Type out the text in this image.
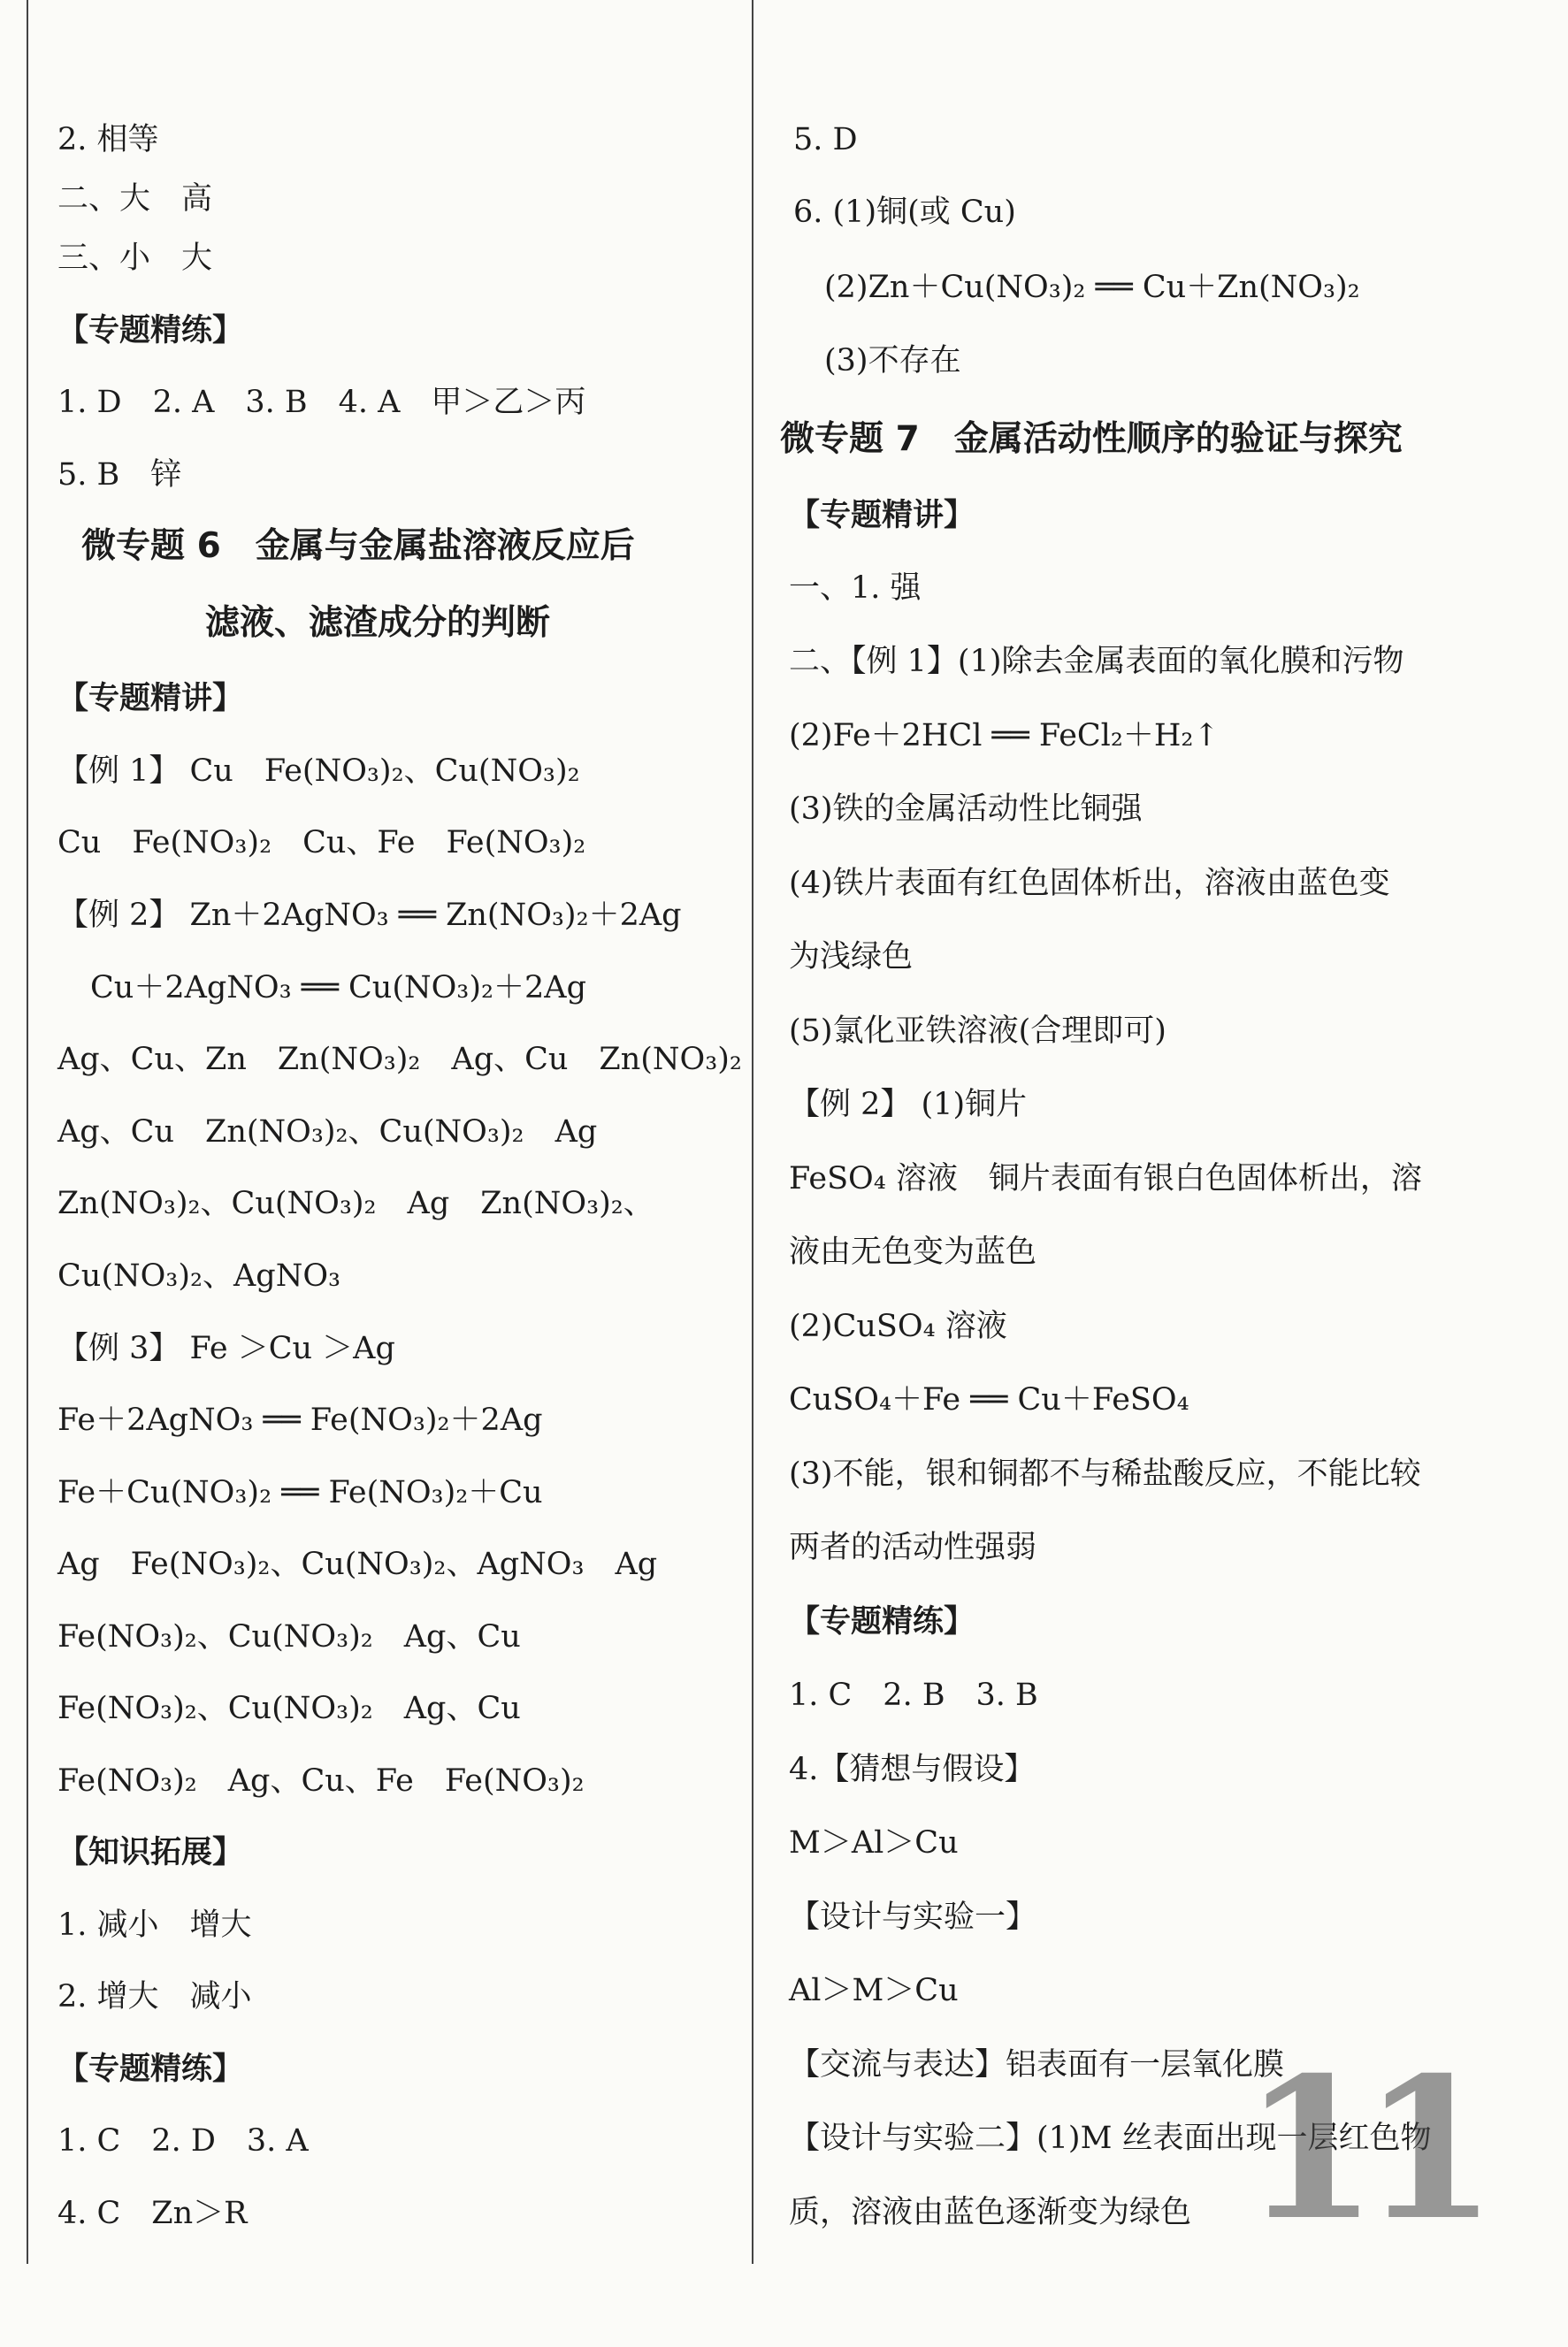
2. 相等
二、大　高
三、小　大
【专题精练】
1. D　2. A　3. B　4. A　甲＞乙＞丙
5. B　锌
微专题 6　金属与金属盐溶液反应后
滤液、滤渣成分的判断
【专题精讲】
【例 1】 Cu　Fe(NO₃)₂、Cu(NO₃)₂
Cu　Fe(NO₃)₂　Cu、Fe　Fe(NO₃)₂
【例 2】 Zn＋2AgNO₃ ══ Zn(NO₃)₂＋2Ag
Cu＋2AgNO₃ ══ Cu(NO₃)₂＋2Ag
Ag、Cu、Zn　Zn(NO₃)₂　Ag、Cu　Zn(NO₃)₂
Ag、Cu　Zn(NO₃)₂、Cu(NO₃)₂　Ag
Zn(NO₃)₂、Cu(NO₃)₂　Ag　Zn(NO₃)₂、
Cu(NO₃)₂、AgNO₃
【例 3】 Fe ＞Cu ＞Ag
Fe＋2AgNO₃ ══ Fe(NO₃)₂＋2Ag
Fe＋Cu(NO₃)₂ ══ Fe(NO₃)₂＋Cu
Ag　Fe(NO₃)₂、Cu(NO₃)₂、AgNO₃　Ag
Fe(NO₃)₂、Cu(NO₃)₂　Ag、Cu
Fe(NO₃)₂、Cu(NO₃)₂　Ag、Cu
Fe(NO₃)₂　Ag、Cu、Fe　Fe(NO₃)₂
【知识拓展】
1. 减小　增大
2. 增大　减小
【专题精练】
1. C　2. D　3. A
4. C　Zn＞R
5. D
6. (1)铜(或 Cu)
(2)Zn＋Cu(NO₃)₂ ══ Cu＋Zn(NO₃)₂
(3)不存在
微专题 7　金属活动性顺序的验证与探究
【专题精讲】
一、1. 强
二、【例 1】(1)除去金属表面的氧化膜和污物
(2)Fe＋2HCl ══ FeCl₂＋H₂↑
(3)铁的金属活动性比铜强
(4)铁片表面有红色固体析出，溶液由蓝色变
为浅绿色
(5)氯化亚铁溶液(合理即可)
【例 2】 (1)铜片
FeSO₄ 溶液　铜片表面有银白色固体析出，溶
液由无色变为蓝色
(2)CuSO₄ 溶液
CuSO₄＋Fe ══ Cu＋FeSO₄
(3)不能，银和铜都不与稀盐酸反应，不能比较
两者的活动性强弱
【专题精练】
1. C　2. B　3. B
4.【猜想与假设】
M＞Al＞Cu
【设计与实验一】
Al＞M＞Cu
【交流与表达】铝表面有一层氧化膜
【设计与实验二】(1)M 丝表面出现一层红色物
质，溶液由蓝色逐渐变为绿色 11
